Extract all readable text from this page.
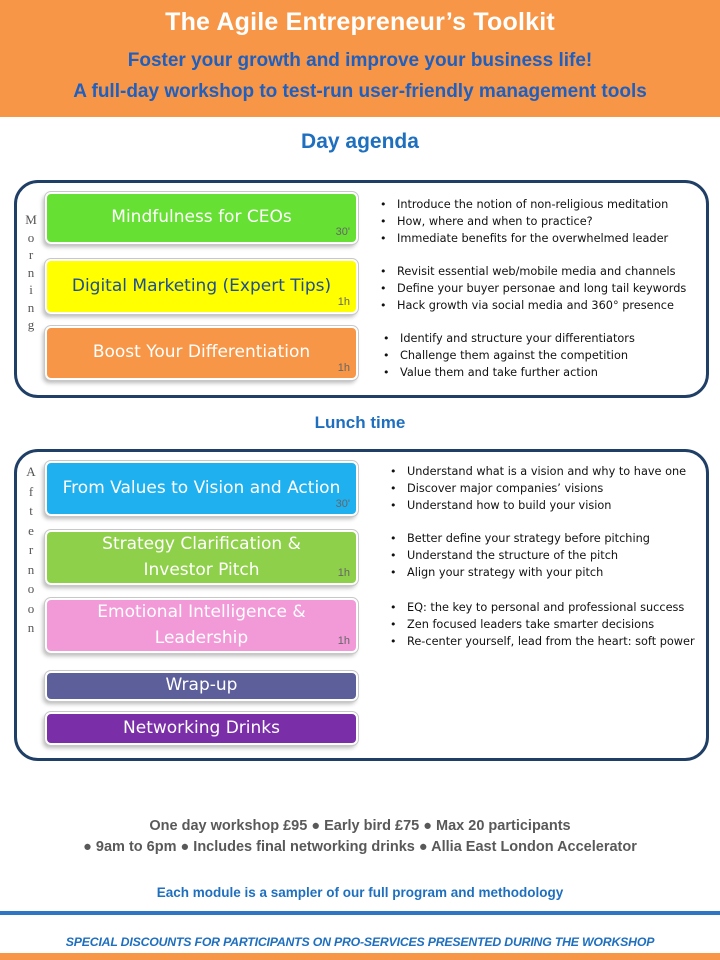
The Agile Entrepreneur’s Toolkit
Foster your growth and improve your business life!
A full-day workshop to test-run user-friendly management tools
Day agenda
M
o
r
n
i
n
g
Mindfulness for CEOs
30'
• Introduce the notion of non-religious meditation
• How, where and when to practice?
• Immediate benefits for the overwhelmed leader
Digital Marketing (Expert Tips)
1h
• Revisit essential web/mobile media and channels
• Define your buyer personae and long tail keywords
• Hack growth via social media and 360° presence
Boost Your Differentiation
1h
• Identify and structure your differentiators
• Challenge them against the competition
• Value them and take further action
Lunch time
A
f
t
e
r
n
o
o
n
From Values to Vision and Action
30'
• Understand what is a vision and why to have one
• Discover major companies’ visions
• Understand how to build your vision
Strategy Clarification &
Investor Pitch	1h
• Better define your strategy before pitching
• Understand the structure of the pitch
• Align your strategy with your pitch
Emotional Intelligence &
Leadership	1h
• EQ: the key to personal and professional success
• Zen focused leaders take smarter decisions
• Re-center yourself, lead from the heart: soft power
Wrap-up
Networking Drinks
One day workshop £95 ● Early bird £75 ● Max 20 participants
● 9am to 6pm ● Includes final networking drinks ● Allia East London Accelerator
Each module is a sampler of our full program and methodology
SPECIAL DISCOUNTS FOR PARTICIPANTS ON PRO-SERVICES PRESENTED DURING THE WORKSHOP
